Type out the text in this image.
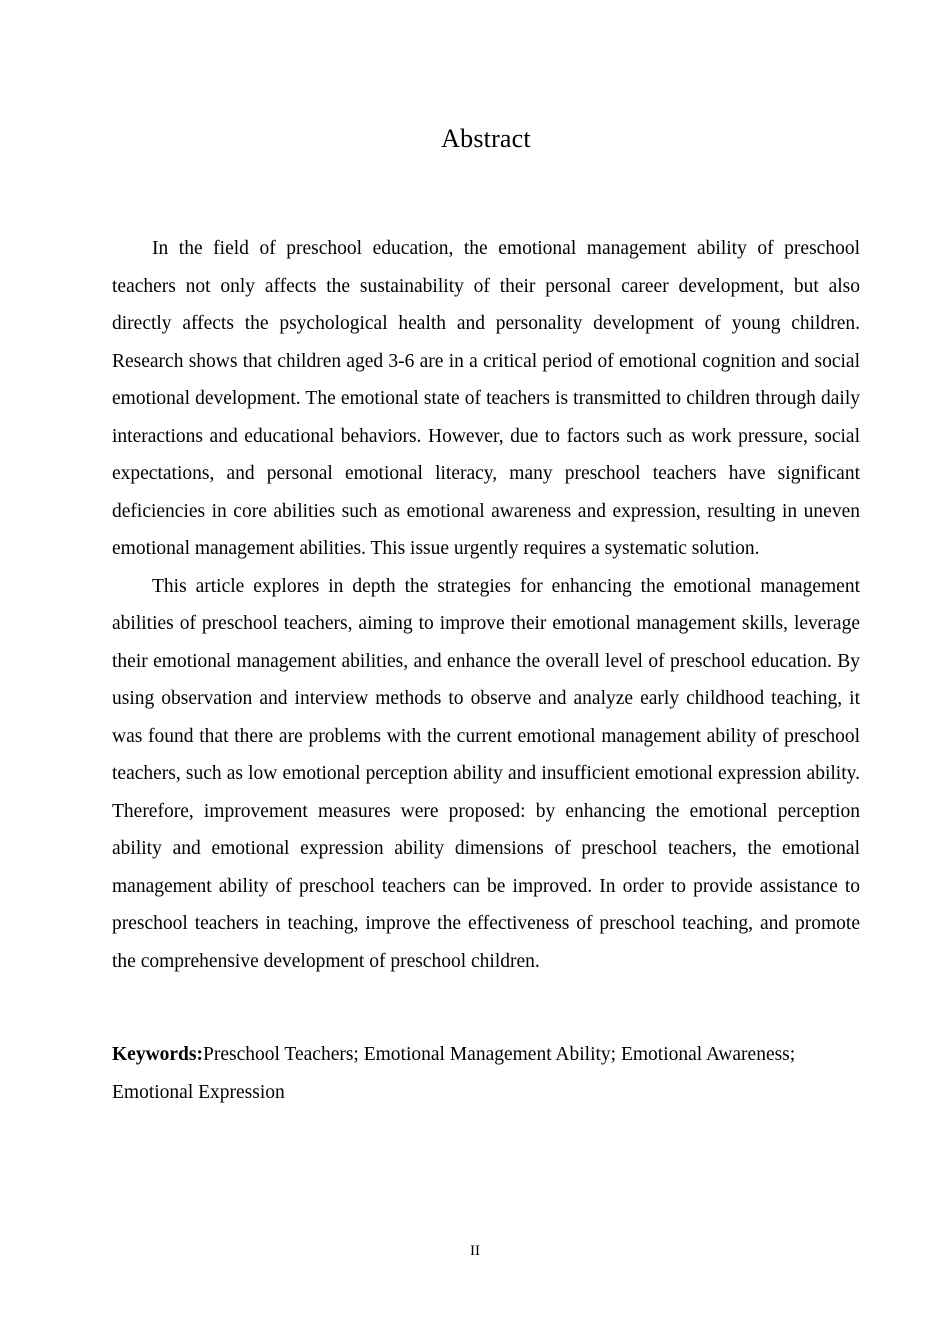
Abstract

In the field of preschool education, the emotional management ability of preschool teachers not only affects the sustainability of their personal career development, but also directly affects the psychological health and personality development of young children. Research shows that children aged 3-6 are in a critical period of emotional cognition and social emotional development. The emotional state of teachers is transmitted to children through daily interactions and educational behaviors. However, due to factors such as work pressure, social expectations, and personal emotional literacy, many preschool teachers have significant deficiencies in core abilities such as emotional awareness and expression, resulting in uneven emotional management abilities. This issue urgently requires a systematic solution.

This article explores in depth the strategies for enhancing the emotional management abilities of preschool teachers, aiming to improve their emotional management skills, leverage their emotional management abilities, and enhance the overall level of preschool education. By using observation and interview methods to observe and analyze early childhood teaching, it was found that there are problems with the current emotional management ability of preschool teachers, such as low emotional perception ability and insufficient emotional expression ability. Therefore, improvement measures were proposed: by enhancing the emotional perception ability and emotional expression ability dimensions of preschool teachers, the emotional management ability of preschool teachers can be improved. In order to provide assistance to preschool teachers in teaching, improve the effectiveness of preschool teaching, and promote the comprehensive development of preschool children.

Keywords:Preschool Teachers; Emotional Management Ability; Emotional Awareness; Emotional Expression
II
